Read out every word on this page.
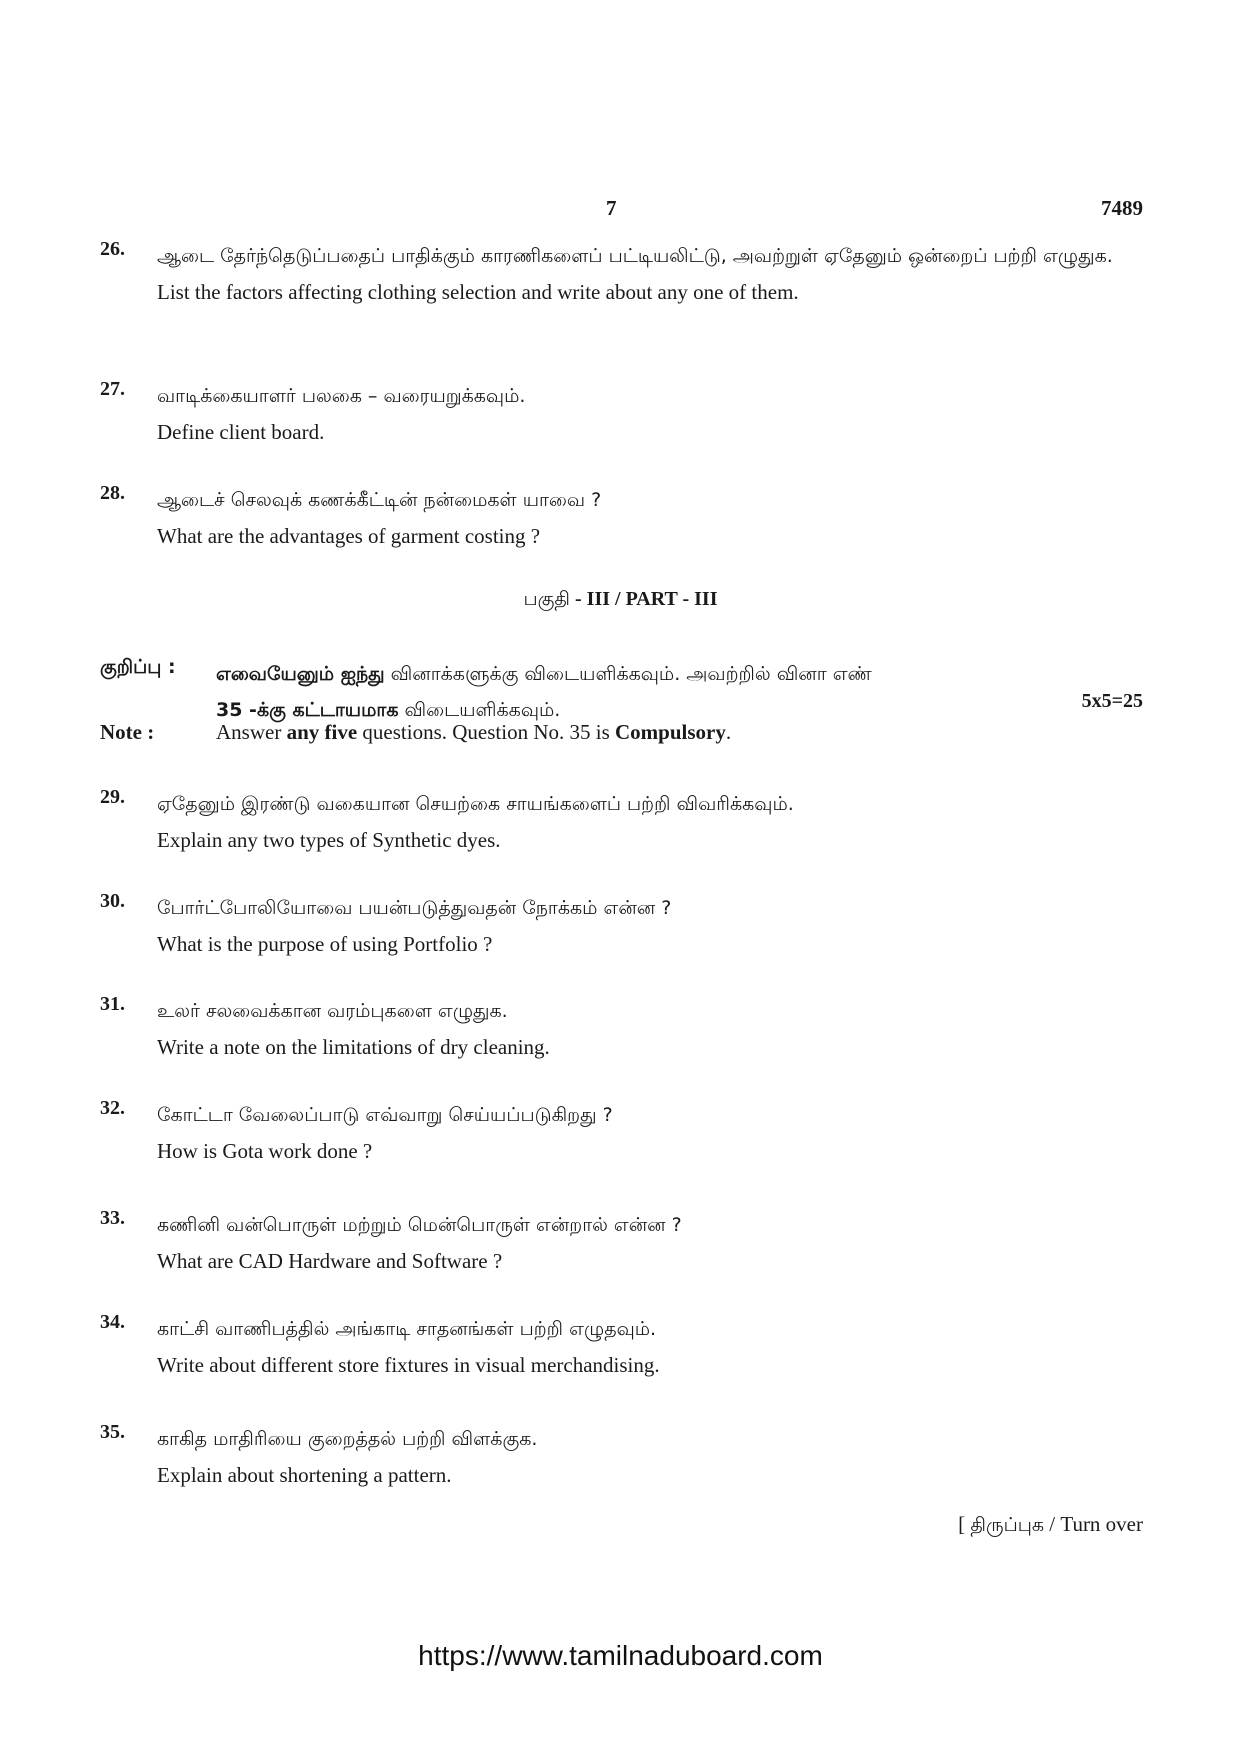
7	7489
26. ஆடை தேர்ந்தெடுப்பதைப் பாதிக்கும் காரணிகளைப் பட்டியலிட்டு, அவற்றுள் ஏதேனும் ஒன்றைப் பற்றி எழுதுக.
List the factors affecting clothing selection and write about any one of them.
27. வாடிக்கையாளர் பலகை – வரையறுக்கவும்.
Define client board.
28. ஆடைச் செலவுக் கணக்கீட்டின் நன்மைகள் யாவை ?
What are the advantages of garment costing ?
பகுதி - III / PART - III
குறிப்பு : எவையேனும் ஐந்து வினாக்களுக்கு விடையளிக்கவும். அவற்றில் வினா எண்
35 -க்கு கட்டாயமாக விடையளிக்கவும்.	5x5=25
Note :	Answer any five questions. Question No. 35 is Compulsory.
29. ஏதேனும் இரண்டு வகையான செயற்கை சாயங்களைப் பற்றி விவரிக்கவும்.
Explain any two types of Synthetic dyes.
30. போர்ட்போலியோவை பயன்படுத்துவதன் நோக்கம் என்ன ?
What is the purpose of using Portfolio ?
31. உலர் சலவைக்கான வரம்புகளை எழுதுக.
Write a note on the limitations of dry cleaning.
32. கோட்டா வேலைப்பாடு எவ்வாறு செய்யப்படுகிறது ?
How is Gota work done ?
33. கணினி வன்பொருள் மற்றும் மென்பொருள் என்றால் என்ன ?
What are CAD Hardware and Software ?
34. காட்சி வாணிபத்தில் அங்காடி சாதனங்கள் பற்றி எழுதவும்.
Write about different store fixtures in visual merchandising.
35. காகித மாதிரியை குறைத்தல் பற்றி விளக்குக.
Explain about shortening a pattern.
[ திருப்புக / Turn over
https://www.tamilnaduboard.com
